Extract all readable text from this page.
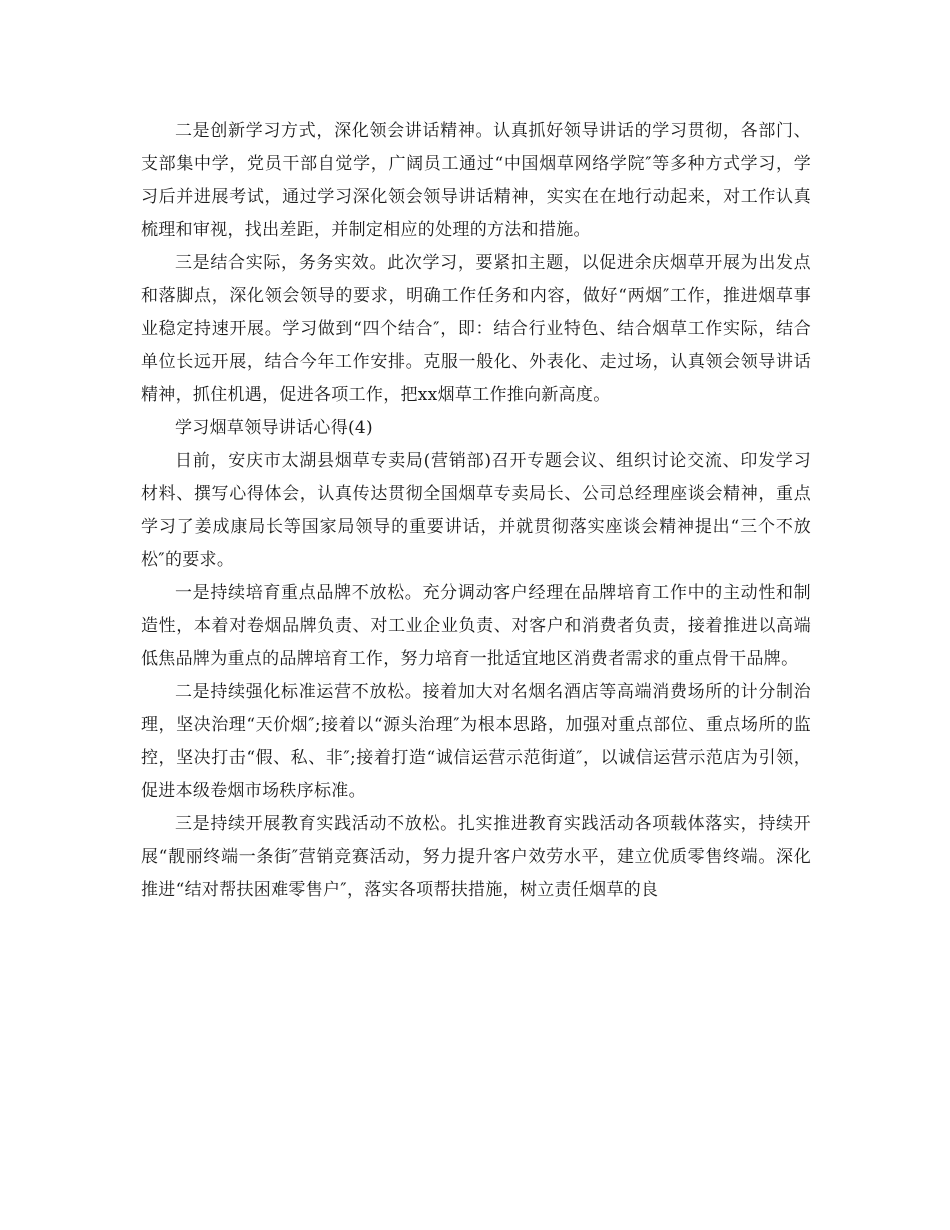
二是创新学习方式，深化领会讲话精神。认真抓好领导讲话的学习贯彻，各部门、支部集中学，党员干部自觉学，广阔员工通过“中国烟草网络学院″等多种方式学习，学习后并进展考试，通过学习深化领会领导讲话精神，实实在在地行动起来，对工作认真梳理和审视，找出差距，并制定相应的处理的方法和措施。

三是结合实际，务务实效。此次学习，要紧扣主题，以促进余庆烟草开展为出发点和落脚点，深化领会领导的要求，明确工作任务和内容，做好“两烟″工作，推进烟草事业稳定持速开展。学习做到“四个结合″，即：结合行业特色、结合烟草工作实际，结合单位长远开展，结合今年工作安排。克服一般化、外表化、走过场，认真领会领导讲话精神，抓住机遇，促进各项工作，把xx烟草工作推向新高度。

学习烟草领导讲话心得(4)

日前，安庆市太湖县烟草专卖局(营销部)召开专题会议、组织讨论交流、印发学习材料、撰写心得体会，认真传达贯彻全国烟草专卖局长、公司总经理座谈会精神，重点学习了姜成康局长等国家局领导的重要讲话，并就贯彻落实座谈会精神提出“三个不放松″的要求。

一是持续培育重点品牌不放松。充分调动客户经理在品牌培育工作中的主动性和制造性，本着对卷烟品牌负责、对工业企业负责、对客户和消费者负责，接着推进以高端低焦品牌为重点的品牌培育工作，努力培育一批适宜地区消费者需求的重点骨干品牌。

二是持续强化标准运营不放松。接着加大对名烟名酒店等高端消费场所的计分制治理，坚决治理“天价烟″;接着以“源头治理″为根本思路，加强对重点部位、重点场所的监控，坚决打击“假、私、非″;接着打造“诚信运营示范街道″，以诚信运营示范店为引领，促进本级卷烟市场秩序标准。

三是持续开展教育实践活动不放松。扎实推进教育实践活动各项载体落实，持续开展“靓丽终端一条街″营销竞赛活动，努力提升客户效劳水平，建立优质零售终端。深化推进“结对帮扶困难零售户″，落实各项帮扶措施，树立责任烟草的良
